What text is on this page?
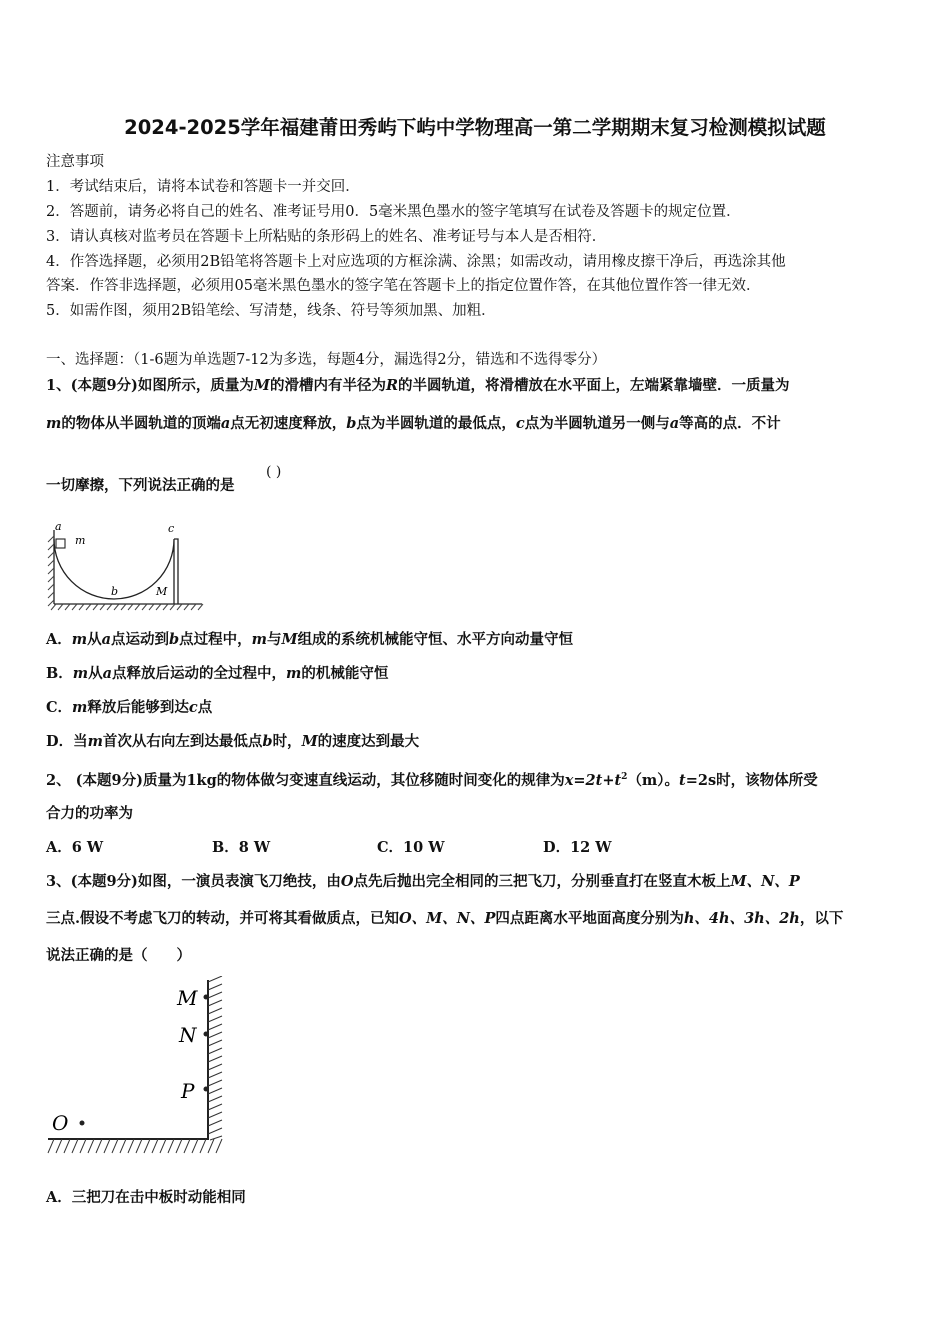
2024-2025学年福建莆田秀屿下屿中学物理高一第二学期期末复习检测模拟试题
注意事项
1．考试结束后，请将本试卷和答题卡一并交回．
2．答题前，请务必将自己的姓名、准考证号用0．5毫米黑色墨水的签字笔填写在试卷及答题卡的规定位置．
3．请认真核对监考员在答题卡上所粘贴的条形码上的姓名、准考证号与本人是否相符．
4．作答选择题，必须用2B铅笔将答题卡上对应选项的方框涂满、涂黑；如需改动，请用橡皮擦干净后，再选涂其他
答案．作答非选择题，必须用05毫米黑色墨水的签字笔在答题卡上的指定位置作答，在其他位置作答一律无效．
5．如需作图，须用2B铅笔绘、写清楚，线条、符号等须加黑、加粗．
一、选择题：（1-6题为单选题7-12为多选，每题4分，漏选得2分，错选和不选得零分）
1、(本题9分)如图所示，质量为M的滑槽内有半径为R的半圆轨道，将滑槽放在水平面上，左端紧靠墙壁．一质量为
m的物体从半圆轨道的顶端a点无初速度释放，b点为半圆轨道的最低点，c点为半圆轨道另一侧与a等高的点．不计
一切摩擦，下列说法正确的是
( )
a
m
c
b	M
A．m从a点运动到b点过程中，m与M组成的系统机械能守恒、水平方向动量守恒
B．m从a点释放后运动的全过程中，m的机械能守恒
C．m释放后能够到达c点
D．当m首次从右向左到达最低点b时，M的速度达到最大
2、 (本题9分)质量为1kg的物体做匀变速直线运动，其位移随时间变化的规律为$x=2t+t^2(m)$。t=2s时，该物体所受
合力的功率为
A．6 W	B．8 W	C．10 W	D．12 W
3、(本题9分)如图，一演员表演飞刀绝技，由O点先后抛出完全相同的三把飞刀，分别垂直打在竖直木板上M、N、P
三点.假设不考虑飞刀的转动，并可将其看做质点，已知O、M、N、P四点距离水平地面高度分别为h、4h、3h、2h，以下
说法正确的是（　　）
M
N
P
O
A．三把刀在击中板时动能相同
